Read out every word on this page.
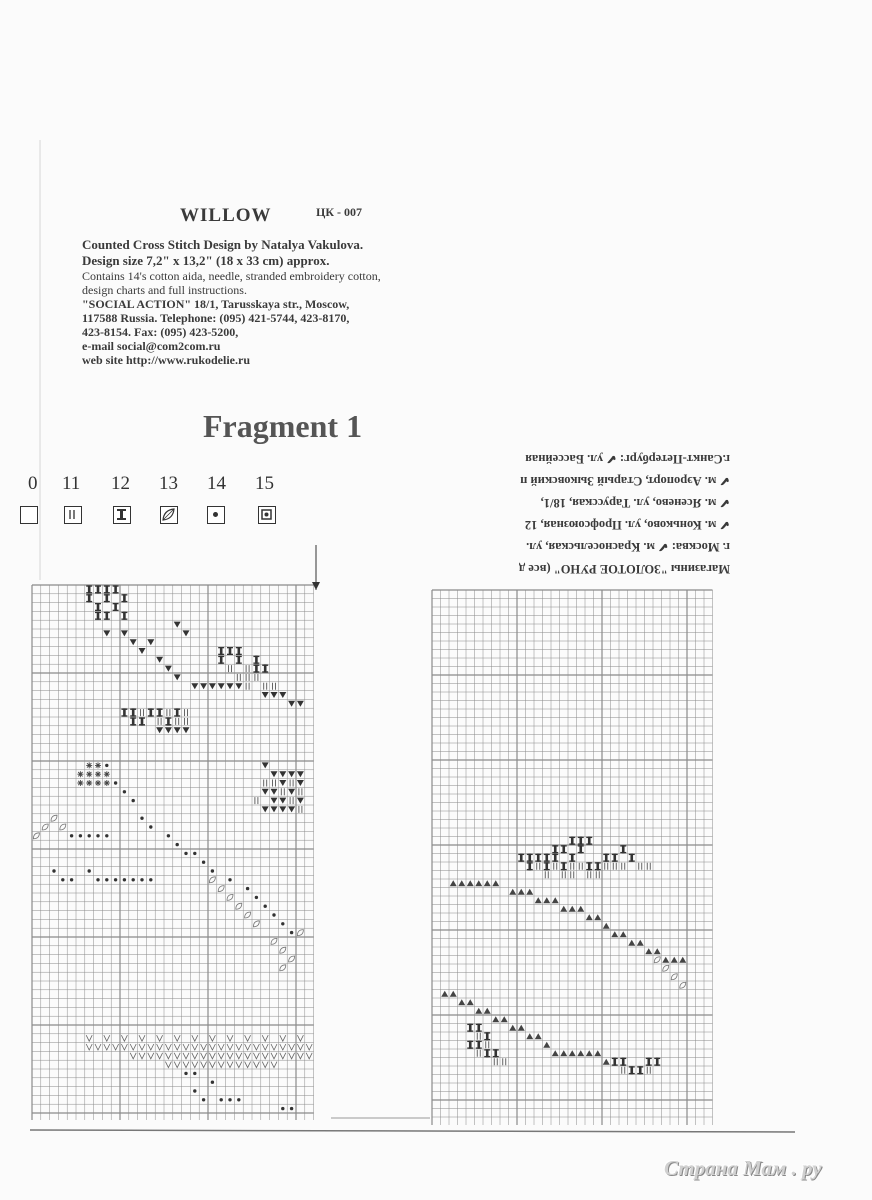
WILLOW	ЦК - 007
Counted Cross Stitch Design by Natalya Vakulova.
Design size 7,2" x 13,2" (18 x 33 cm) approx.
Contains 14's cotton aida, needle, stranded embroidery cotton, design charts and full instructions.
"SOCIAL ACTION" 18/1, Tarusskaya str., Moscow,
117588 Russia. Telephone: (095) 421-5744, 423-8170,
423-8154. Fax: (095) 423-5200,
e-mail social@com2com.ru
web site http://www.rukodelie.ru
Fragment 1
0 11 12 13 14 15
Магазины "ЗОЛОТОЕ РУНО" (все д
г. Москва: ✔ м. Красносельская, ул.
✔ м. Коньково, ул. Профсоюзная, 12
✔ м. Ясенево, ул. Тарусская, 18/1,
✔ м. Аэропорт, Старый Зыковский п
г.Санкт-Петербург: ✔ ул. Бассейная
Страна Мам . ру
